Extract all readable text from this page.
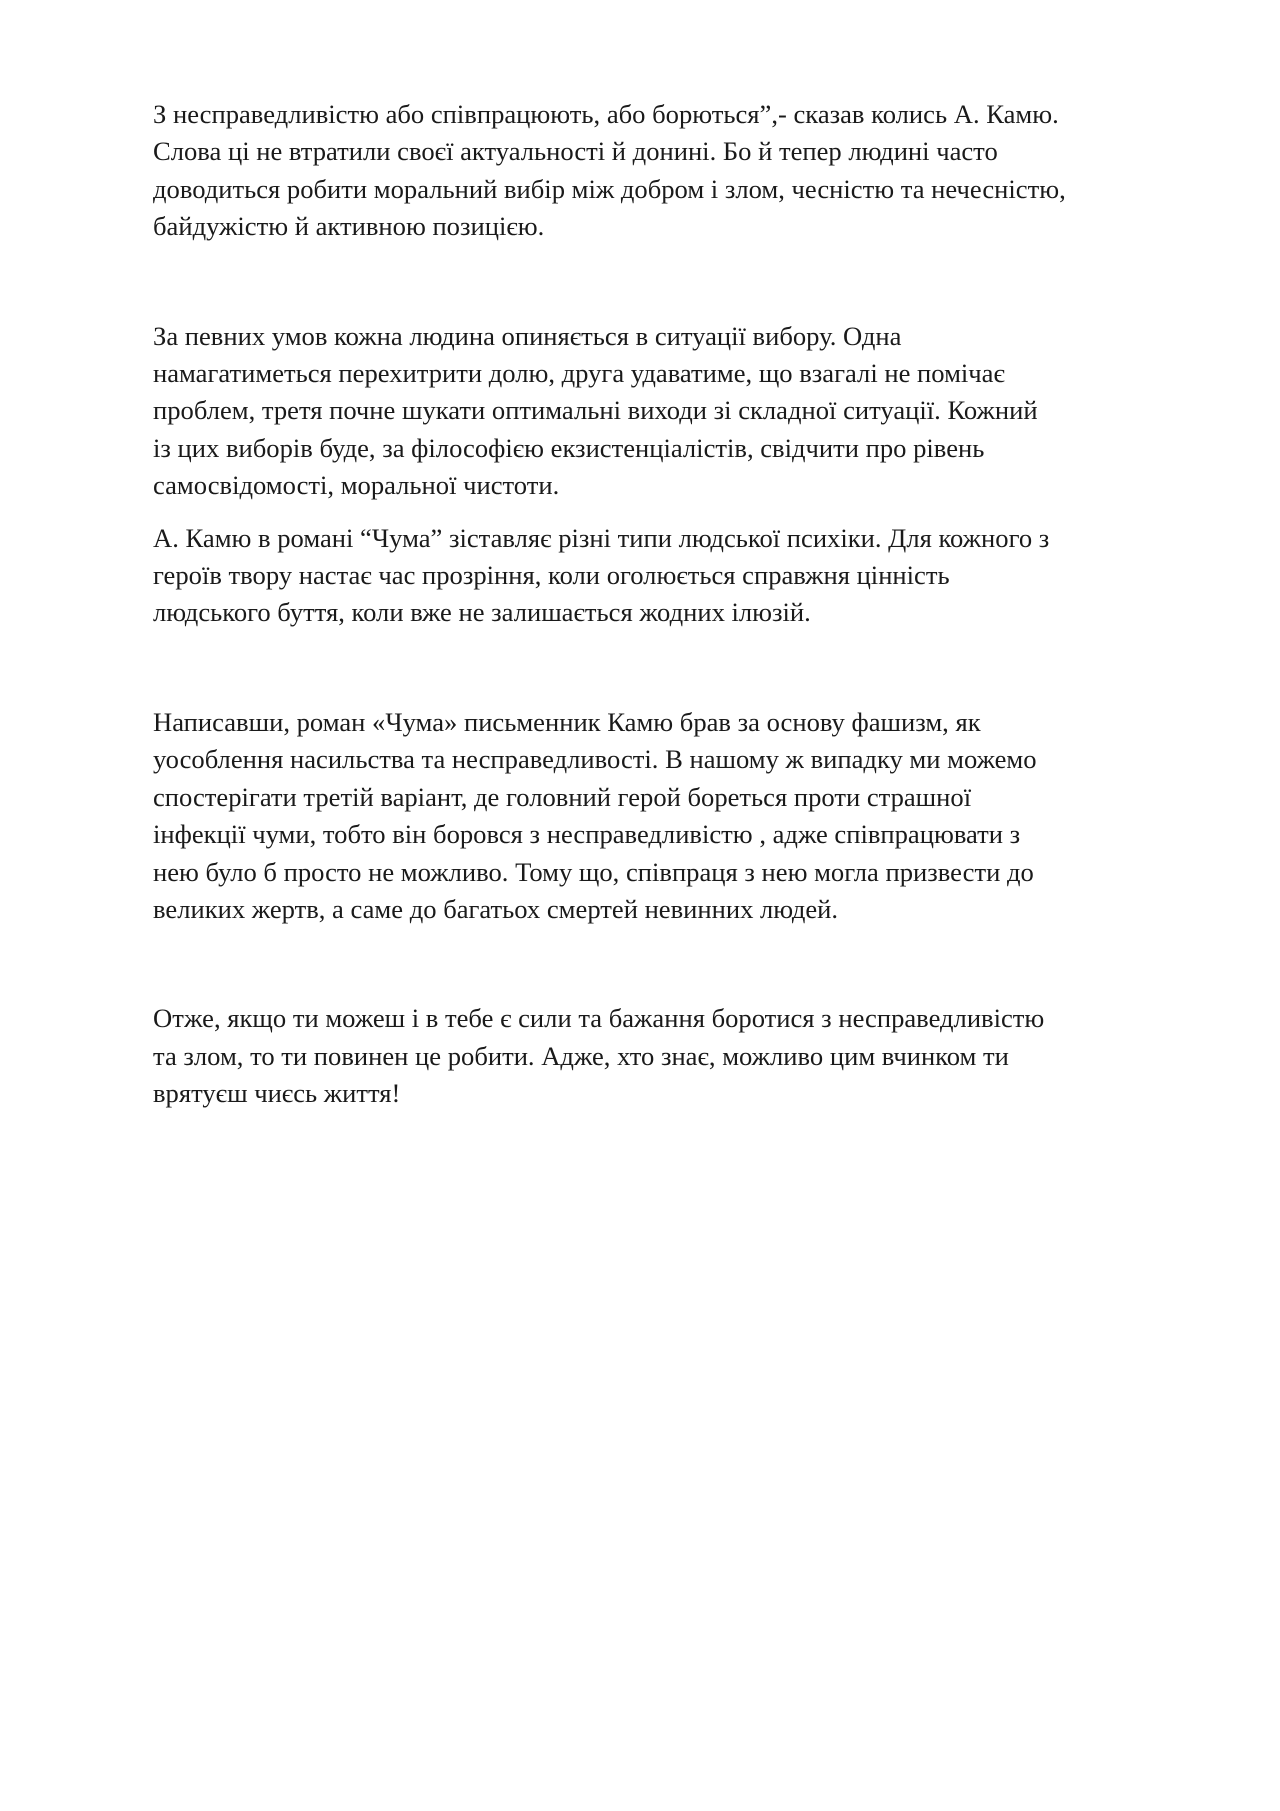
З несправедливістю або співпрацюють, або борються”,- сказав колись А. Камю.
Слова ці не втратили своєї актуальності й донині. Бо й тепер людині часто
доводиться робити моральний вибір між добром і злом, чесністю та нечесністю,
байдужістю й активною позицією.

За певних умов кожна людина опиняється в ситуації вибору. Одна
намагатиметься перехитрити долю, друга удаватиме, що взагалі не помічає
проблем, третя почне шукати оптимальні виходи зі складної ситуації. Кожний
із цих виборів буде, за філософією екзистенціалістів, свідчити про рівень
самосвідомості, моральної чистоти.

А. Камю в романі “Чума” зіставляє різні типи людської психіки. Для кожного з
героїв твору настає час прозріння, коли оголюється справжня цінність
людського буття, коли вже не залишається жодних ілюзій.

Написавши, роман «Чума» письменник Камю брав за основу фашизм, як
уособлення насильства та несправедливості. В нашому ж випадку ми можемо
спостерігати третій варіант, де головний герой бореться проти страшної
інфекції чуми, тобто він боровся з несправедливістю , адже співпрацювати з
нею було б просто не можливо. Тому що, співпраця з нею могла призвести до
великих жертв, а саме до багатьох смертей невинних людей.

Отже, якщо ти можеш і в тебе є сили та бажання боротися з несправедливістю
та злом, то ти повинен це робити. Адже, хто знає, можливо цим вчинком ти
врятуєш чиєсь життя!
